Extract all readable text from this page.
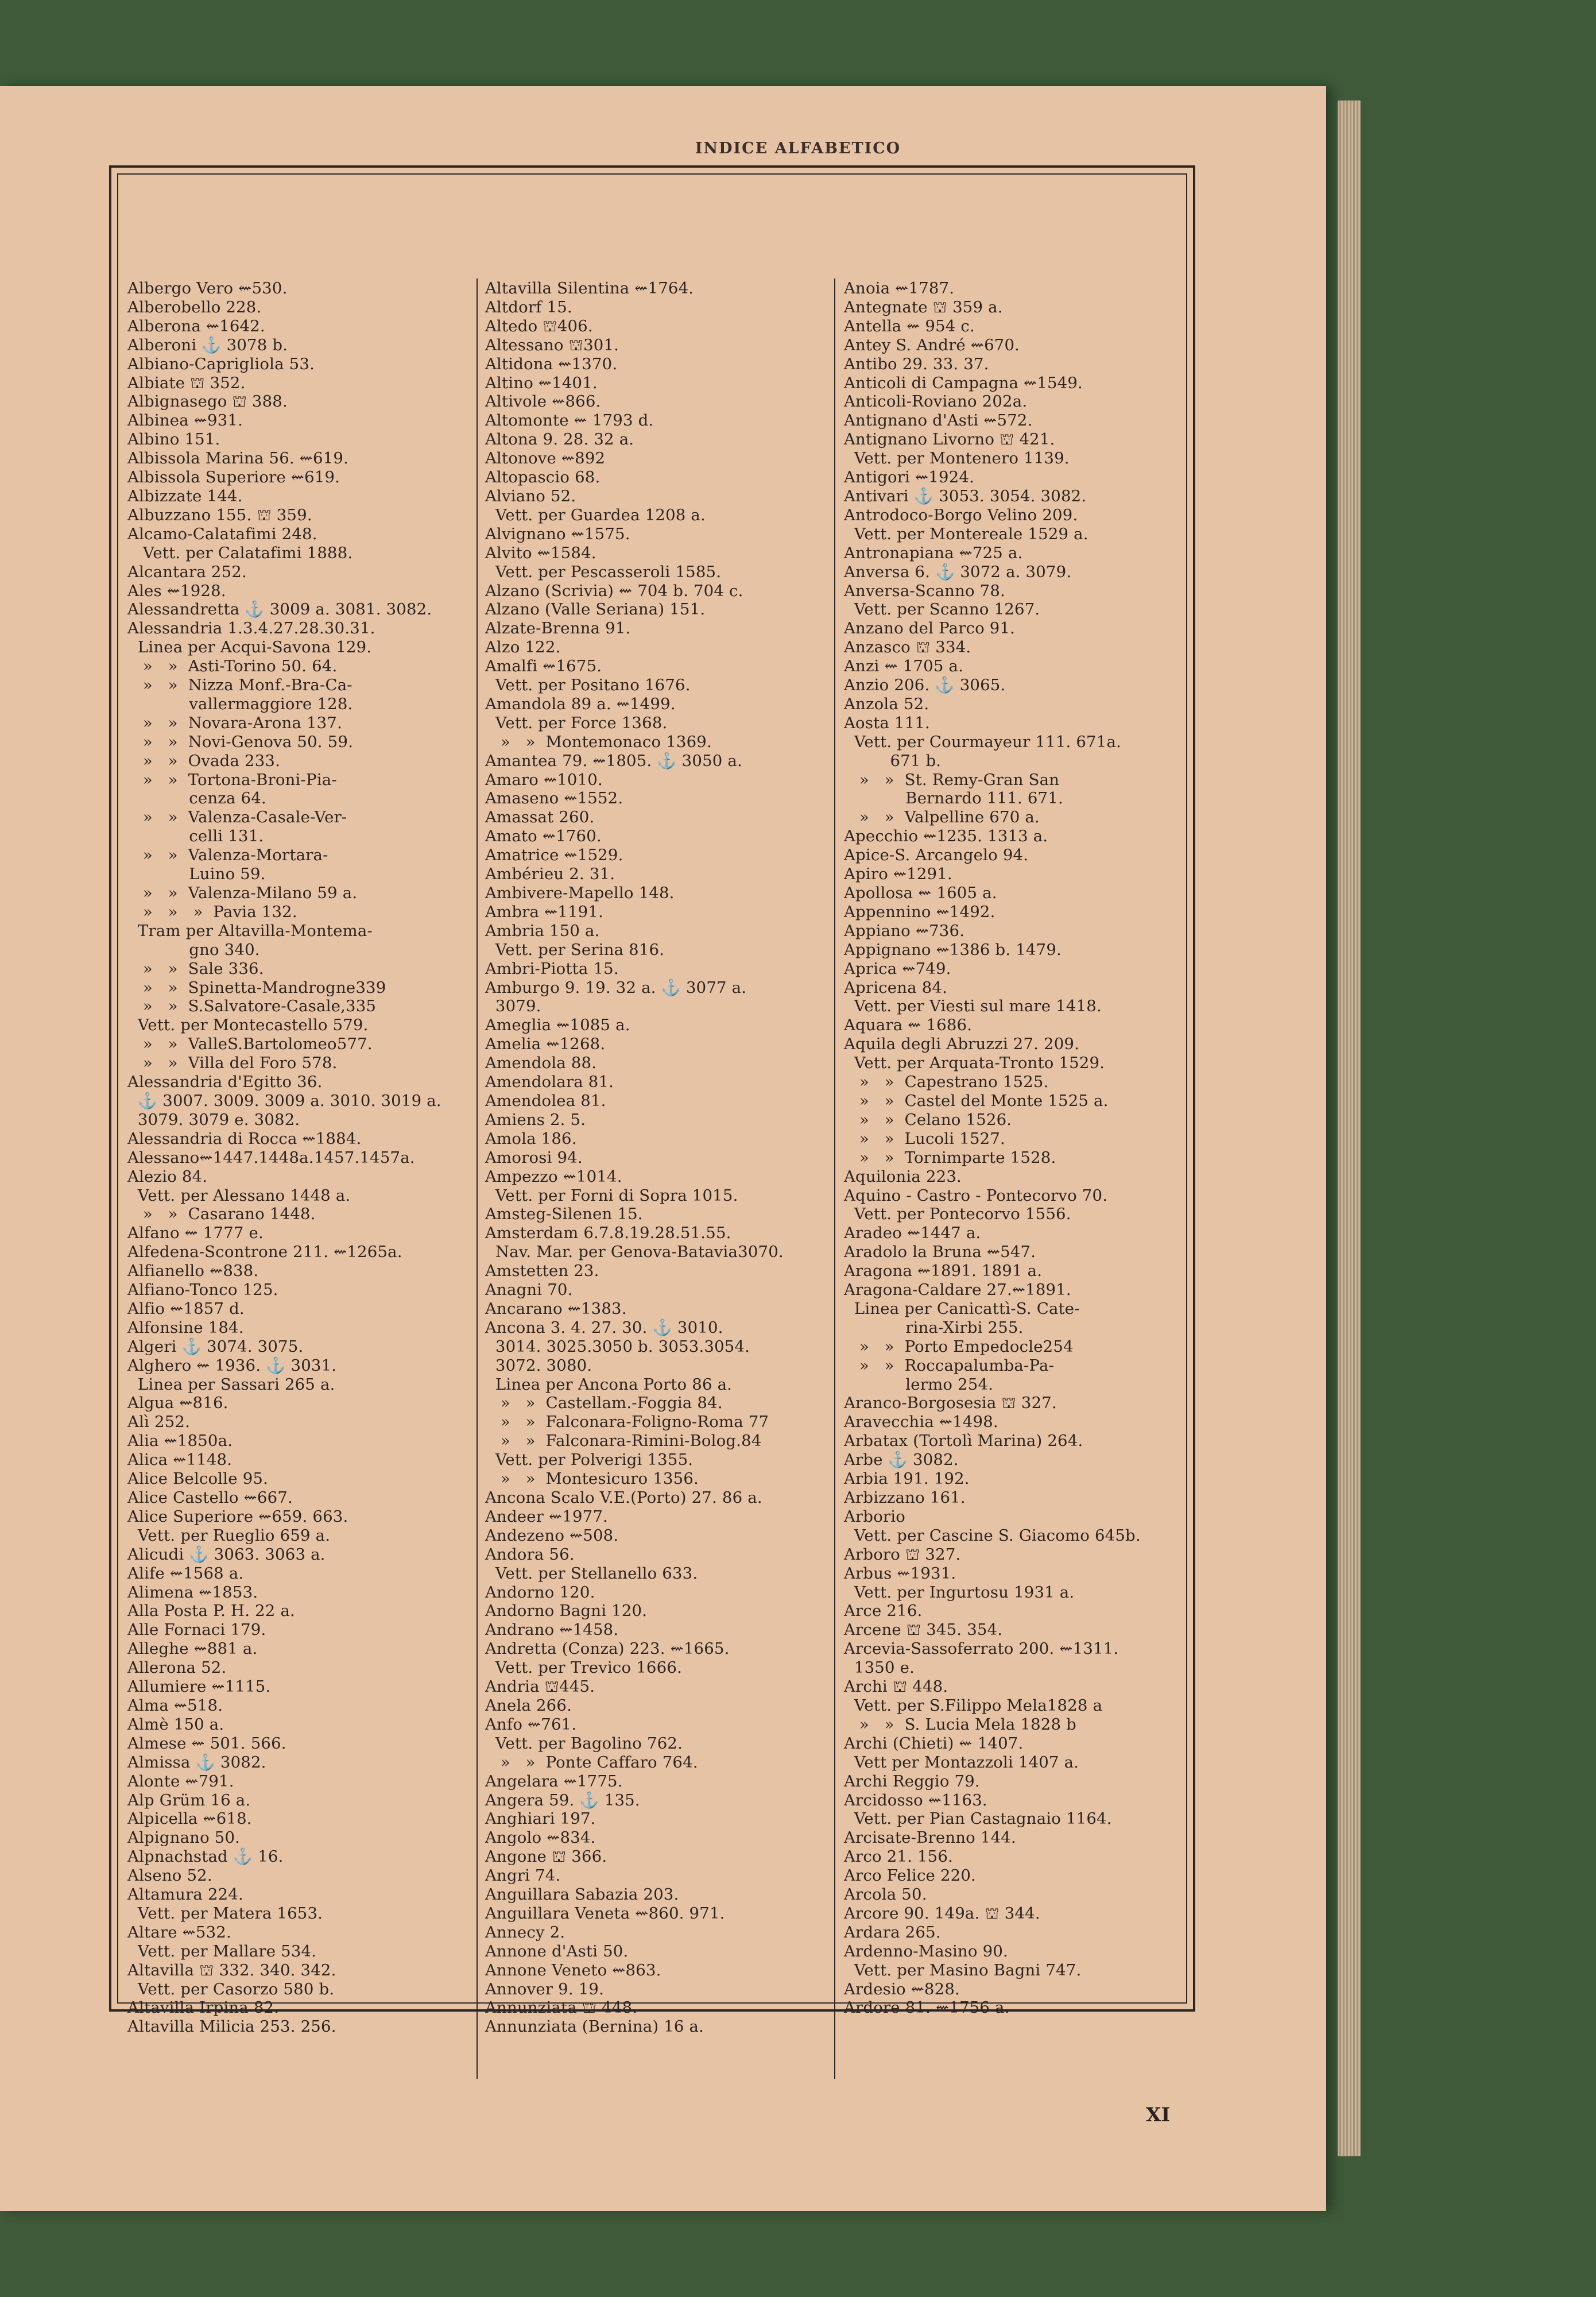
INDICE ALFABETICO
Albergo Vero ⇜530.
Alberobello 228.
Alberona ⇜1642.
Alberoni ⚓ 3078 b.
Albiano-Caprigliola 53.
Albiate ⛫ 352.
Albignasego ⛫ 388.
Albinea ⇜931.
Albino 151.
Albissola Marina 56. ⇜619.
Albissola Superiore ⇜619.
Albizzate 144.
Albuzzano 155. ⛫ 359.
Alcamo-Calatafimi 248.
Vett. per Calatafimi 1888.
Alcantara 252.
Ales ⇜1928.
Alessandretta ⚓ 3009 a. 3081. 3082.
Alessandria 1.3.4.27.28.30.31.
Linea per Acqui-Savona 129.
»   »  Asti-Torino 50. 64.
»   »  Nizza Monf.-Bra-Ca-
vallermaggiore 128.
»   »  Novara-Arona 137.
»   »  Novi-Genova 50. 59.
»   »  Ovada 233.
»   »  Tortona-Broni-Pia-
cenza 64.
»   »  Valenza-Casale-Ver-
celli 131.
»   »  Valenza-Mortara-
Luino 59.
»   »  Valenza-Milano 59 a.
»   »   »  Pavia 132.
Tram per Altavilla-Montema-
gno 340.
»   »  Sale 336.
»   »  Spinetta-Mandrogne339
»   »  S.Salvatore-Casale,335
Vett. per Montecastello 579.
»   »  ValleS.Bartolomeo577.
»   »  Villa del Foro 578.
Alessandria d'Egitto 36.
⚓ 3007. 3009. 3009 a. 3010. 3019 a.
3079. 3079 e. 3082.
Alessandria di Rocca ⇜1884.
Alessano⇜1447.1448a.1457.1457a.
Alezio 84.
Vett. per Alessano 1448 a.
»   »  Casarano 1448.
Alfano ⇜ 1777 e.
Alfedena-Scontrone 211. ⇜1265a.
Alfianello ⇜838.
Alfiano-Tonco 125.
Alfio ⇜1857 d.
Alfonsine 184.
Algeri ⚓ 3074. 3075.
Alghero ⇜ 1936. ⚓ 3031.
Linea per Sassari 265 a.
Algua ⇜816.
Alì 252.
Alia ⇜1850a.
Alica ⇜1148.
Alice Belcolle 95.
Alice Castello ⇜667.
Alice Superiore ⇜659. 663.
Vett. per Rueglio 659 a.
Alicudi ⚓ 3063. 3063 a.
Alife ⇜1568 a.
Alimena ⇜1853.
Alla Posta P. H. 22 a.
Alle Fornaci 179.
Alleghe ⇜881 a.
Allerona 52.
Allumiere ⇜1115.
Alma ⇜518.
Almè 150 a.
Almese ⇜ 501. 566.
Almissa ⚓ 3082.
Alonte ⇜791.
Alp Grüm 16 a.
Alpicella ⇜618.
Alpignano 50.
Alpnachstad ⚓ 16.
Alseno 52.
Altamura 224.
Vett. per Matera 1653.
Altare ⇜532.
Vett. per Mallare 534.
Altavilla ⛫ 332. 340. 342.
Vett. per Casorzo 580 b.
Altavilla Irpina 82.
Altavilla Milicia 253. 256.
Altavilla Silentina ⇜1764.
Altdorf 15.
Altedo ⛫406.
Altessano ⛫301.
Altidona ⇜1370.
Altino ⇜1401.
Altivole ⇜866.
Altomonte ⇜ 1793 d.
Altona 9. 28. 32 a.
Altonove ⇜892
Altopascio 68.
Alviano 52.
Vett. per Guardea 1208 a.
Alvignano ⇜1575.
Alvito ⇜1584.
Vett. per Pescasseroli 1585.
Alzano (Scrivia) ⇜ 704 b. 704 c.
Alzano (Valle Seriana) 151.
Alzate-Brenna 91.
Alzo 122.
Amalfi ⇜1675.
Vett. per Positano 1676.
Amandola 89 a. ⇜1499.
Vett. per Force 1368.
»   »  Montemonaco 1369.
Amantea 79. ⇜1805. ⚓ 3050 a.
Amaro ⇜1010.
Amaseno ⇜1552.
Amassat 260.
Amato ⇜1760.
Amatrice ⇜1529.
Ambérieu 2. 31.
Ambivere-Mapello 148.
Ambra ⇜1191.
Ambria 150 a.
Vett. per Serina 816.
Ambri-Piotta 15.
Amburgo 9. 19. 32 a. ⚓ 3077 a.
3079.
Ameglia ⇜1085 a.
Amelia ⇜1268.
Amendola 88.
Amendolara 81.
Amendolea 81.
Amiens 2. 5.
Amola 186.
Amorosi 94.
Ampezzo ⇜1014.
Vett. per Forni di Sopra 1015.
Amsteg-Silenen 15.
Amsterdam 6.7.8.19.28.51.55.
Nav. Mar. per Genova-Batavia3070.
Amstetten 23.
Anagni 70.
Ancarano ⇜1383.
Ancona 3. 4. 27. 30. ⚓ 3010.
3014. 3025.3050 b. 3053.3054.
3072. 3080.
Linea per Ancona Porto 86 a.
»   »  Castellam.-Foggia 84.
»   »  Falconara-Foligno-Roma 77
»   »  Falconara-Rimini-Bolog.84
Vett. per Polverigi 1355.
»   »  Montesicuro 1356.
Ancona Scalo V.E.(Porto) 27. 86 a.
Andeer ⇜1977.
Andezeno ⇜508.
Andora 56.
Vett. per Stellanello 633.
Andorno 120.
Andorno Bagni 120.
Andrano ⇜1458.
Andretta (Conza) 223. ⇜1665.
Vett. per Trevico 1666.
Andria ⛫445.
Anela 266.
Anfo ⇜761.
Vett. per Bagolino 762.
»   »  Ponte Caffaro 764.
Angelara ⇜1775.
Angera 59. ⚓ 135.
Anghiari 197.
Angolo ⇜834.
Angone ⛫ 366.
Angri 74.
Anguillara Sabazia 203.
Anguillara Veneta ⇜860. 971.
Annecy 2.
Annone d'Asti 50.
Annone Veneto ⇜863.
Annover 9. 19.
Annunziata ⛫ 448.
Annunziata (Bernina) 16 a.
Anoia ⇜1787.
Antegnate ⛫ 359 a.
Antella ⇜ 954 c.
Antey S. André ⇜670.
Antibo 29. 33. 37.
Anticoli di Campagna ⇜1549.
Anticoli-Roviano 202a.
Antignano d'Asti ⇜572.
Antignano Livorno ⛫ 421.
Vett. per Montenero 1139.
Antigori ⇜1924.
Antivari ⚓ 3053. 3054. 3082.
Antrodoco-Borgo Velino 209.
Vett. per Montereale 1529 a.
Antronapiana ⇜725 a.
Anversa 6. ⚓ 3072 a. 3079.
Anversa-Scanno 78.
Vett. per Scanno 1267.
Anzano del Parco 91.
Anzasco ⛫ 334.
Anzi ⇜ 1705 a.
Anzio 206. ⚓ 3065.
Anzola 52.
Aosta 111.
Vett. per Courmayeur 111. 671a.
671 b.
»   »  St. Remy-Gran San
Bernardo 111. 671.
»   »  Valpelline 670 a.
Apecchio ⇜1235. 1313 a.
Apice-S. Arcangelo 94.
Apiro ⇜1291.
Apollosa ⇜ 1605 a.
Appennino ⇜1492.
Appiano ⇜736.
Appignano ⇜1386 b. 1479.
Aprica ⇜749.
Apricena 84.
Vett. per Viesti sul mare 1418.
Aquara ⇜ 1686.
Aquila degli Abruzzi 27. 209.
Vett. per Arquata-Tronto 1529.
»   »  Capestrano 1525.
»   »  Castel del Monte 1525 a.
»   »  Celano 1526.
»   »  Lucoli 1527.
»   »  Tornimparte 1528.
Aquilonia 223.
Aquino - Castro - Pontecorvo 70.
Vett. per Pontecorvo 1556.
Aradeo ⇜1447 a.
Aradolo la Bruna ⇜547.
Aragona ⇜1891. 1891 a.
Aragona-Caldare 27.⇜1891.
Linea per Canicattì-S. Cate-
rina-Xirbi 255.
»   »  Porto Empedocle254
»   »  Roccapalumba-Pa-
lermo 254.
Aranco-Borgosesia ⛫ 327.
Aravecchia ⇜1498.
Arbatax (Tortolì Marina) 264.
Arbe ⚓ 3082.
Arbia 191. 192.
Arbizzano 161.
Arborio
Vett. per Cascine S. Giacomo 645b.
Arboro ⛫ 327.
Arbus ⇜1931.
Vett. per Ingurtosu 1931 a.
Arce 216.
Arcene ⛫ 345. 354.
Arcevia-Sassoferrato 200. ⇜1311.
1350 e.
Archi ⛫ 448.
Vett. per S.Filippo Mela1828 a
»   »  S. Lucia Mela 1828 b
Archi (Chieti) ⇜ 1407.
Vett per Montazzoli 1407 a.
Archi Reggio 79.
Arcidosso ⇜1163.
Vett. per Pian Castagnaio 1164.
Arcisate-Brenno 144.
Arco 21. 156.
Arco Felice 220.
Arcola 50.
Arcore 90. 149a. ⛫ 344.
Ardara 265.
Ardenno-Masino 90.
Vett. per Masino Bagni 747.
Ardesio ⇜828.
Ardore 81. ⇜1756 a.
XI
